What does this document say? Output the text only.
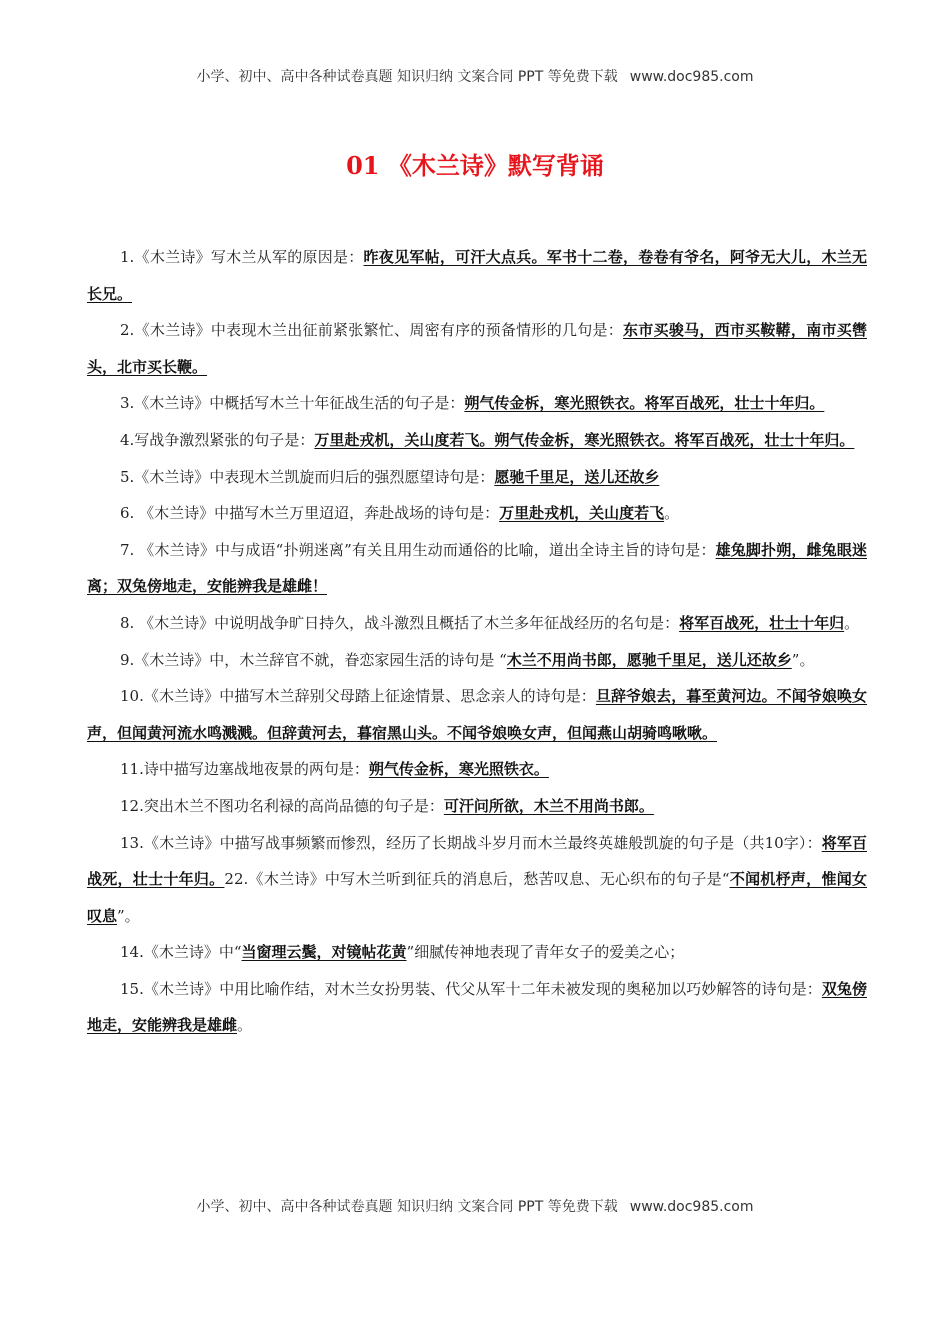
小学、初中、高中各种试卷真题 知识归纳 文案合同 PPT 等免费下载 www.doc985.com
01 《木兰诗》默写背诵

1.《木兰诗》写木兰从军的原因是：昨夜见军帖，可汗大点兵。军书十二卷，卷卷有爷名，阿爷无大儿，木兰无长兄。

2.《木兰诗》中表现木兰出征前紧张繁忙、周密有序的预备情形的几句是：东市买骏马，西市买鞍鞯，南市买辔头，北市买长鞭。

3.《木兰诗》中概括写木兰十年征战生活的句子是：朔气传金柝，寒光照铁衣。将军百战死，壮士十年归。

4.写战争激烈紧张的句子是：万里赴戎机，关山度若飞。朔气传金柝，寒光照铁衣。将军百战死，壮士十年归。

5.《木兰诗》中表现木兰凯旋而归后的强烈愿望诗句是：愿驰千里足，送儿还故乡

6. 《木兰诗》中描写木兰万里迢迢，奔赴战场的诗句是：万里赴戎机，关山度若飞。

7. 《木兰诗》中与成语“扑朔迷离”有关且用生动而通俗的比喻，道出全诗主旨的诗句是：雄兔脚扑朔，雌兔眼迷离；双兔傍地走，安能辨我是雄雌！

8. 《木兰诗》中说明战争旷日持久，战斗激烈且概括了木兰多年征战经历的名句是：将军百战死，壮士十年归。

9.《木兰诗》中，木兰辞官不就，眷恋家园生活的诗句是 “木兰不用尚书郎，愿驰千里足，送儿还故乡”。

10.《木兰诗》中描写木兰辞别父母踏上征途情景、思念亲人的诗句是：旦辞爷娘去，暮至黄河边。不闻爷娘唤女声，但闻黄河流水鸣溅溅。但辞黄河去，暮宿黑山头。不闻爷娘唤女声，但闻燕山胡骑鸣啾啾。

11.诗中描写边塞战地夜景的两句是：朔气传金柝，寒光照铁衣。

12.突出木兰不图功名利禄的高尚品德的句子是：可汗问所欲，木兰不用尚书郎。

13.《木兰诗》中描写战事频繁而惨烈，经历了长期战斗岁月而木兰最终英雄般凯旋的句子是（共10字）：将军百战死，壮士十年归。22.《木兰诗》中写木兰听到征兵的消息后，愁苦叹息、无心织布的句子是“不闻机杼声，惟闻女叹息”。

14.《木兰诗》中“当窗理云鬓，对镜帖花黄”细腻传神地表现了青年女子的爱美之心；

15.《木兰诗》中用比喻作结，对木兰女扮男装、代父从军十二年未被发现的奥秘加以巧妙解答的诗句是：双兔傍地走，安能辨我是雄雌。

小学、初中、高中各种试卷真题 知识归纳 文案合同 PPT 等免费下载 www.doc985.com
